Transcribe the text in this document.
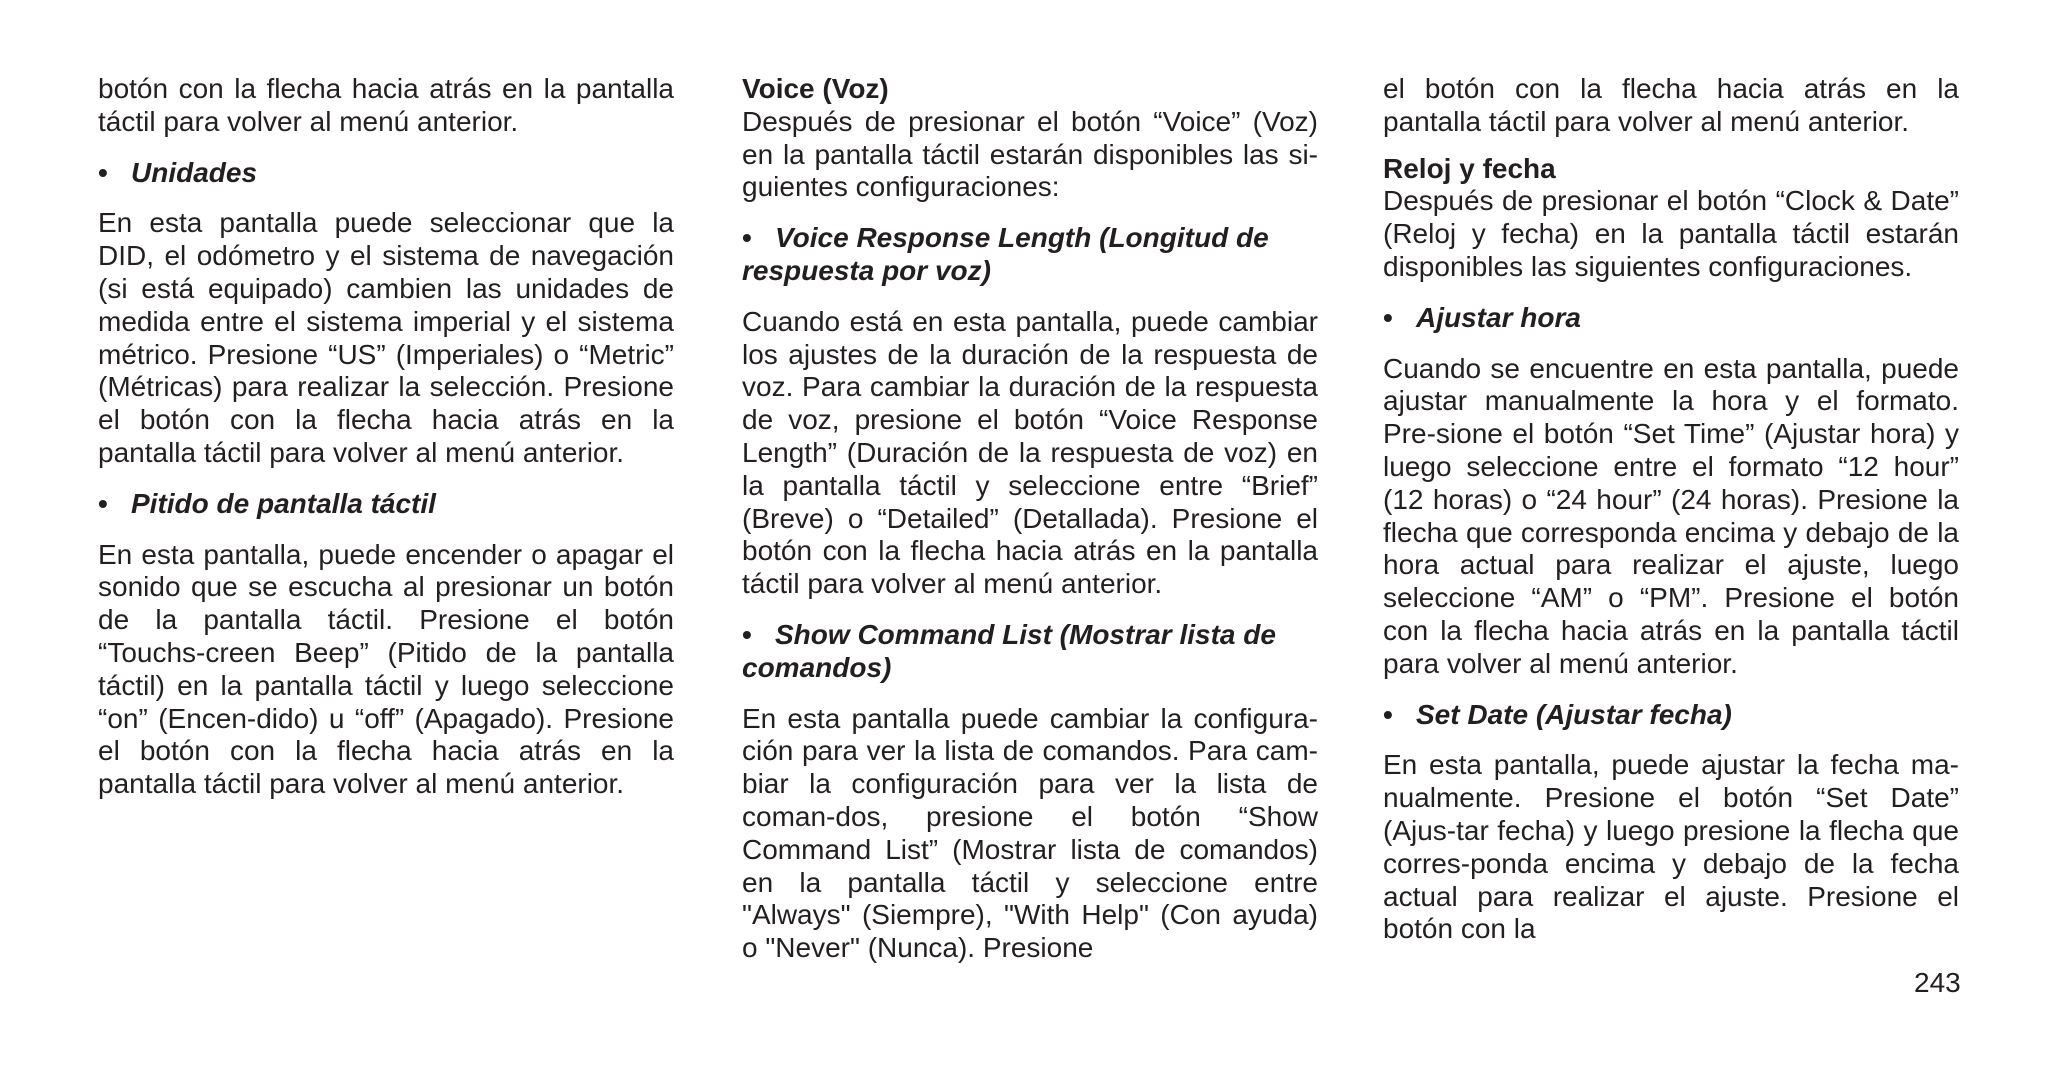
botón con la flecha hacia atrás en la pantalla táctil para volver al menú anterior.

• Unidades

En esta pantalla puede seleccionar que la DID, el odómetro y el sistema de navegación (si está equipado) cambien las unidades de medida entre el sistema imperial y el sistema métrico. Presione “US” (Imperiales) o “Metric” (Métricas) para realizar la selección. Presione el botón con la flecha hacia atrás en la pantalla táctil para volver al menú anterior.

• Pitido de pantalla táctil

En esta pantalla, puede encender o apagar el sonido que se escucha al presionar un botón de la pantalla táctil. Presione el botón “Touchs-creen Beep” (Pitido de la pantalla táctil) en la pantalla táctil y luego seleccione “on” (Encen-dido) u “off” (Apagado). Presione el botón con la flecha hacia atrás en la pantalla táctil para volver al menú anterior.

Voice (Voz)

Después de presionar el botón “Voice” (Voz) en la pantalla táctil estarán disponibles las si-guientes configuraciones:

• Voice Response Length (Longitud de respuesta por voz)

Cuando está en esta pantalla, puede cambiar los ajustes de la duración de la respuesta de voz. Para cambiar la duración de la respuesta de voz, presione el botón “Voice Response Length” (Duración de la respuesta de voz) en la pantalla táctil y seleccione entre “Brief” (Breve) o “Detailed” (Detallada). Presione el botón con la flecha hacia atrás en la pantalla táctil para volver al menú anterior.

• Show Command List (Mostrar lista de comandos)

En esta pantalla puede cambiar la configura-ción para ver la lista de comandos. Para cam-biar la configuración para ver la lista de coman-dos, presione el botón “Show Command List” (Mostrar lista de comandos) en la pantalla táctil y seleccione entre "Always" (Siempre), "With Help" (Con ayuda) o "Never" (Nunca). Presione

el botón con la flecha hacia atrás en la pantalla táctil para volver al menú anterior.

Reloj y fecha

Después de presionar el botón “Clock & Date” (Reloj y fecha) en la pantalla táctil estarán disponibles las siguientes configuraciones.

• Ajustar hora

Cuando se encuentre en esta pantalla, puede ajustar manualmente la hora y el formato. Pre-sione el botón “Set Time” (Ajustar hora) y luego seleccione entre el formato “12 hour” (12 horas) o “24 hour” (24 horas). Presione la flecha que corresponda encima y debajo de la hora actual para realizar el ajuste, luego seleccione “AM” o “PM”. Presione el botón con la flecha hacia atrás en la pantalla táctil para volver al menú anterior.

• Set Date (Ajustar fecha)

En esta pantalla, puede ajustar la fecha ma-nualmente. Presione el botón “Set Date” (Ajus-tar fecha) y luego presione la flecha que corres-ponda encima y debajo de la fecha actual para realizar el ajuste. Presione el botón con la

243
